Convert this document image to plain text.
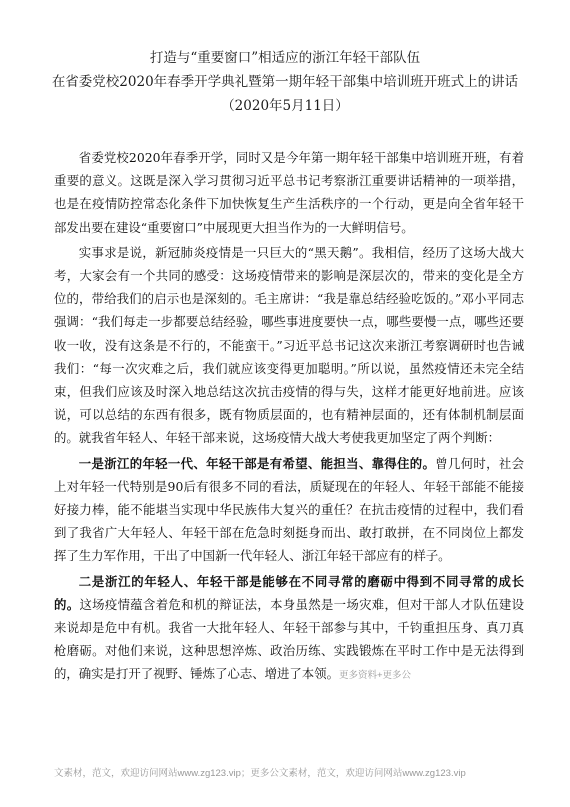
打造与“重要窗口”相适应的浙江年轻干部队伍
在省委党校2020年春季开学典礼暨第一期年轻干部集中培训班开班式上的讲话
（2020年5月11日）

省委党校2020年春季开学，同时又是今年第一期年轻干部集中培训班开班，有着重要的意义。这既是深入学习贯彻习近平总书记考察浙江重要讲话精神的一项举措，也是在疫情防控常态化条件下加快恢复生产生活秩序的一个行动，更是向全省年轻干部发出要在建设“重要窗口”中展现更大担当作为的一大鲜明信号。

实事求是说，新冠肺炎疫情是一只巨大的“黑天鹅”。我相信，经历了这场大战大考，大家会有一个共同的感受：这场疫情带来的影响是深层次的，带来的变化是全方位的，带给我们的启示也是深刻的。毛主席讲：“我是靠总结经验吃饭的。”邓小平同志强调：“我们每走一步都要总结经验，哪些事进度要快一点，哪些要慢一点，哪些还要收一收，没有这条是不行的，不能蛮干。”习近平总书记这次来浙江考察调研时也告诫我们：“每一次灾难之后，我们就应该变得更加聪明。”所以说，虽然疫情还未完全结束，但我们应该及时深入地总结这次抗击疫情的得与失，这样才能更好地前进。应该说，可以总结的东西有很多，既有物质层面的，也有精神层面的，还有体制机制层面的。就我省年轻人、年轻干部来说，这场疫情大战大考使我更加坚定了两个判断：

一是浙江的年轻一代、年轻干部是有希望、能担当、靠得住的。曾几何时，社会上对年轻一代特别是90后有很多不同的看法，质疑现在的年轻人、年轻干部能不能接好接力棒，能不能堪当实现中华民族伟大复兴的重任？在抗击疫情的过程中，我们看到了我省广大年轻人、年轻干部在危急时刻挺身而出、敢打敢拼，在不同岗位上都发挥了生力军作用，干出了中国新一代年轻人、浙江年轻干部应有的样子。

二是浙江的年轻人、年轻干部是能够在不同寻常的磨砺中得到不同寻常的成长的。这场疫情蕴含着危和机的辩证法，本身虽然是一场灾难，但对干部人才队伍建设来说却是危中有机。我省一大批年轻人、年轻干部参与其中，千钧重担压身、真刀真枪磨砺。对他们来说，这种思想淬炼、政治历练、实践锻炼在平时工作中是无法得到的，确实是打开了视野、锤炼了心志、增进了本领。更多资料+更多公

文素材，范文，欢迎访问网站www.zg123.vip；更多公文素材，范文，欢迎访问网站www.zg123.vip
